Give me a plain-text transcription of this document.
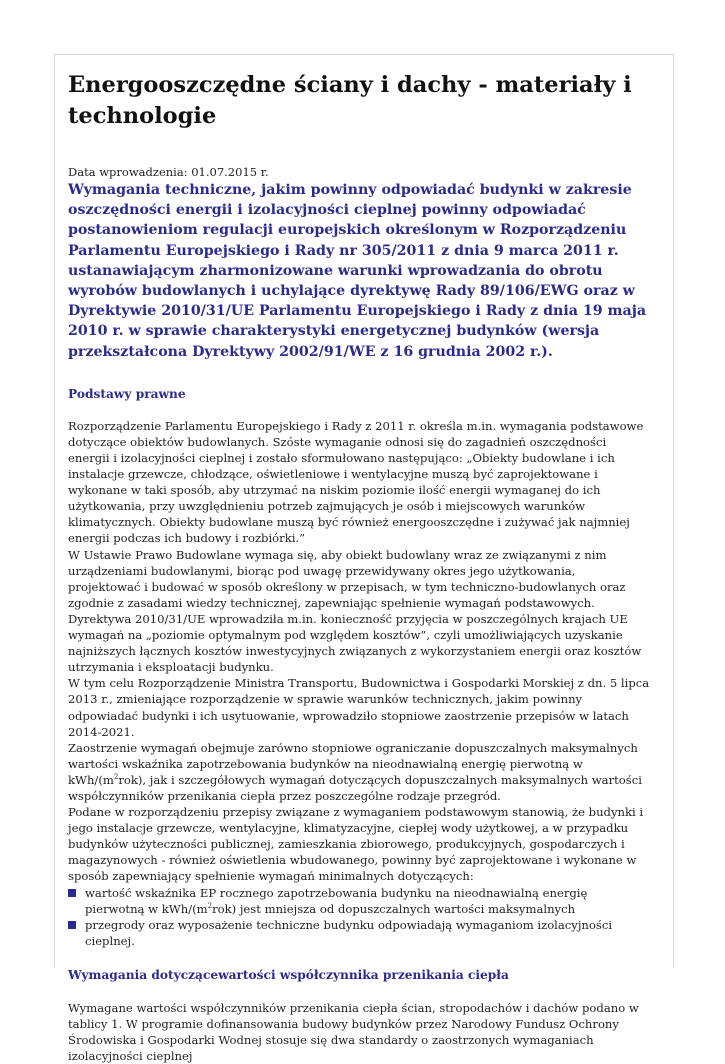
Energooszczędne ściany i dachy - materiały i technologie
Data wprowadzenia: 01.07.2015 r.

Wymagania techniczne, jakim powinny odpowiadać budynki w zakresie oszczędności energii i izolacyjności cieplnej powinny odpowiadać postanowieniom regulacji europejskich określonym w Rozporządzeniu Parlamentu Europejskiego i Rady nr 305/2011 z dnia 9 marca 2011 r. ustanawiającym zharmonizowane warunki wprowadzania do obrotu wyrobów budowlanych i uchylające dyrektywę Rady 89/106/EWG oraz w Dyrektywie 2010/31/UE Parlamentu Europejskiego i Rady z dnia 19 maja 2010 r. w sprawie charakterystyki energetycznej budynków (wersja przekształcona Dyrektywy 2002/91/WE z 16 grudnia 2002 r.).

Podstawy prawne

Rozporządzenie Parlamentu Europejskiego i Rady z 2011 r. określa m.in. wymagania podstawowe dotyczące obiektów budowlanych. Szóste wymaganie odnosi się do zagadnień oszczędności energii i izolacyjności cieplnej i zostało sformułowano następująco: „Obiekty budowlane i ich instalacje grzewcze, chłodzące, oświetleniowe i wentylacyjne muszą być zaprojektowane i wykonane w taki sposób, aby utrzymać na niskim poziomie ilość energii wymaganej do ich użytkowania, przy uwzględnieniu potrzeb zajmujących je osób i miejscowych warunków klimatycznych. Obiekty budowlane muszą być również energooszczędne i zużywać jak najmniej energii podczas ich budowy i rozbiórki.”

W Ustawie Prawo Budowlane wymaga się, aby obiekt budowlany wraz ze związanymi z nim urządzeniami budowlanymi, biorąc pod uwagę przewidywany okres jego użytkowania, projektować i budować w sposób określony w przepisach, w tym techniczno-budowlanych oraz zgodnie z zasadami wiedzy technicznej, zapewniając spełnienie wymagań podstawowych.

Dyrektywa 2010/31/UE wprowadziła m.in. konieczność przyjęcia w poszczególnych krajach UE wymagań na „poziomie optymalnym pod względem kosztów”, czyli umożliwiających uzyskanie najniższych łącznych kosztów inwestycyjnych związanych z wykorzystaniem energii oraz kosztów utrzymania i eksploatacji budynku.

W tym celu Rozporządzenie Ministra Transportu, Budownictwa i Gospodarki Morskiej z dn. 5 lipca 2013 r., zmieniające rozporządzenie w sprawie warunków technicznych, jakim powinny odpowiadać budynki i ich usytuowanie, wprowadziło stopniowe zaostrzenie przepisów w latach 2014-2021.

Zaostrzenie wymagań obejmuje zarówno stopniowe ograniczanie dopuszczalnych maksymalnych wartości wskaźnika zapotrzebowania budynków na nieodnawialną energię pierwotną w kWh/$(m^2rok)$, jak i szczegółowych wymagań dotyczących dopuszczalnych maksymalnych wartości współczynników przenikania ciepła przez poszczególne rodzaje przegród.

Podane w rozporządzeniu przepisy związane z wymaganiem podstawowym stanowią, że budynki i jego instalacje grzewcze, wentylacyjne, klimatyzacyjne, ciepłej wody użytkowej, a w przypadku budynków użyteczności publicznej, zamieszkania zbiorowego, produkcyjnych, gospodarczych i magazynowych - również oświetlenia wbudowanego, powinny być zaprojektowane i wykonane w sposób zapewniający spełnienie wymagań minimalnych dotyczących:

wartość wskaźnika EP rocznego zapotrzebowania budynku na nieodnawialną energię pierwotną w kWh/$(m^2rok)$ jest mniejsza od dopuszczalnych wartości maksymalnych
przegrody oraz wyposażenie techniczne budynku odpowiadają wymaganiom izolacyjności cieplnej.
Wymagania dotyczącewartości współczynnika przenikania ciepła

Wymagane wartości współczynników przenikania ciepła ścian, stropodachów i dachów podano w tablicy 1. W programie dofinansowania budowy budynków przez Narodowy Fundusz Ochrony Środowiska i Gospodarki Wodnej stosuje się dwa standardy o zaostrzonych wymaganiach izolacyjności cieplnej
